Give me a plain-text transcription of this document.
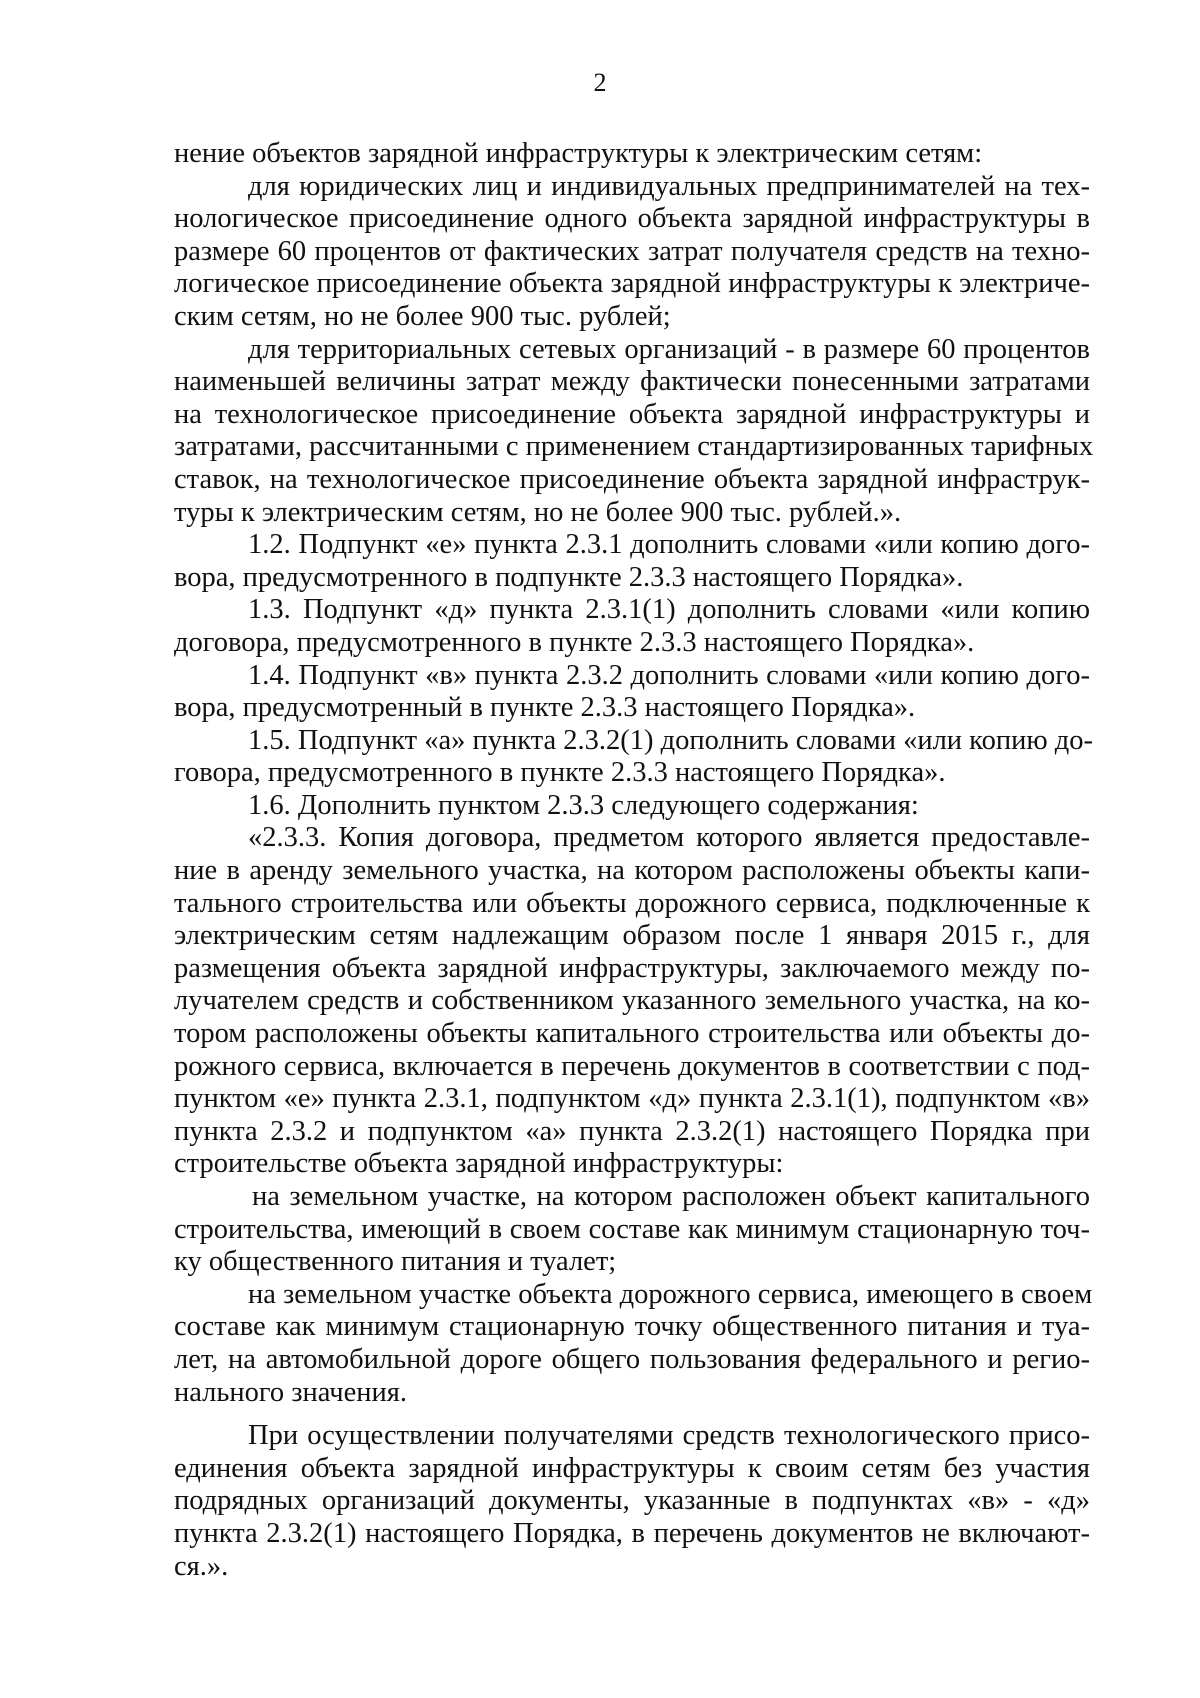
2
нение объектов зарядной инфраструктуры к электрическим сетям:
для юридических лиц и индивидуальных предпринимателей на тех-
нологическое присоединение одного объекта зарядной инфраструктуры в
размере 60 процентов от фактических затрат получателя средств на техно-
логическое присоединение объекта зарядной инфраструктуры к электриче-
ским сетям, но не более 900 тыс. рублей;
для территориальных сетевых организаций - в размере 60 процентов
наименьшей величины затрат между фактически понесенными затратами
на технологическое присоединение объекта зарядной инфраструктуры и
затратами, рассчитанными с применением стандартизированных тарифных
ставок, на технологическое присоединение объекта зарядной инфраструк-
туры к электрическим сетям, но не более 900 тыс. рублей.».
1.2. Подпункт «е» пункта 2.3.1 дополнить словами «или копию дого-
вора, предусмотренного в подпункте 2.3.3 настоящего Порядка».
1.3. Подпункт «д» пункта 2.3.1(1) дополнить словами «или копию
договора, предусмотренного в пункте 2.3.3 настоящего Порядка».
1.4. Подпункт «в» пункта 2.3.2 дополнить словами «или копию дого-
вора, предусмотренный в пункте 2.3.3 настоящего Порядка».
1.5. Подпункт «а» пункта 2.3.2(1) дополнить словами «или копию до-
говора, предусмотренного в пункте 2.3.3 настоящего Порядка».
1.6. Дополнить пунктом 2.3.3 следующего содержания:
«2.3.3. Копия договора, предметом которого является предоставле-
ние в аренду земельного участка, на котором расположены объекты капи-
тального строительства или объекты дорожного сервиса, подключенные к
электрическим сетям надлежащим образом после 1 января 2015 г., для
размещения объекта зарядной инфраструктуры, заключаемого между по-
лучателем средств и собственником указанного земельного участка, на ко-
тором расположены объекты капитального строительства или объекты до-
рожного сервиса, включается в перечень документов в соответствии с под-
пунктом «е» пункта 2.3.1, подпунктом «д» пункта 2.3.1(1), подпунктом «в»
пункта 2.3.2 и подпунктом «а» пункта 2.3.2(1) настоящего Порядка при
строительстве объекта зарядной инфраструктуры:
на земельном участке, на котором расположен объект капитального
строительства, имеющий в своем составе как минимум стационарную точ-
ку общественного питания и туалет;
на земельном участке объекта дорожного сервиса, имеющего в своем
составе как минимум стационарную точку общественного питания и туа-
лет, на автомобильной дороге общего пользования федерального и регио-
нального значения.
При осуществлении получателями средств технологического присо-
единения объекта зарядной инфраструктуры к своим сетям без участия
подрядных организаций документы, указанные в подпунктах «в» - «д»
пункта 2.3.2(1) настоящего Порядка, в перечень документов не включают-
ся.».
